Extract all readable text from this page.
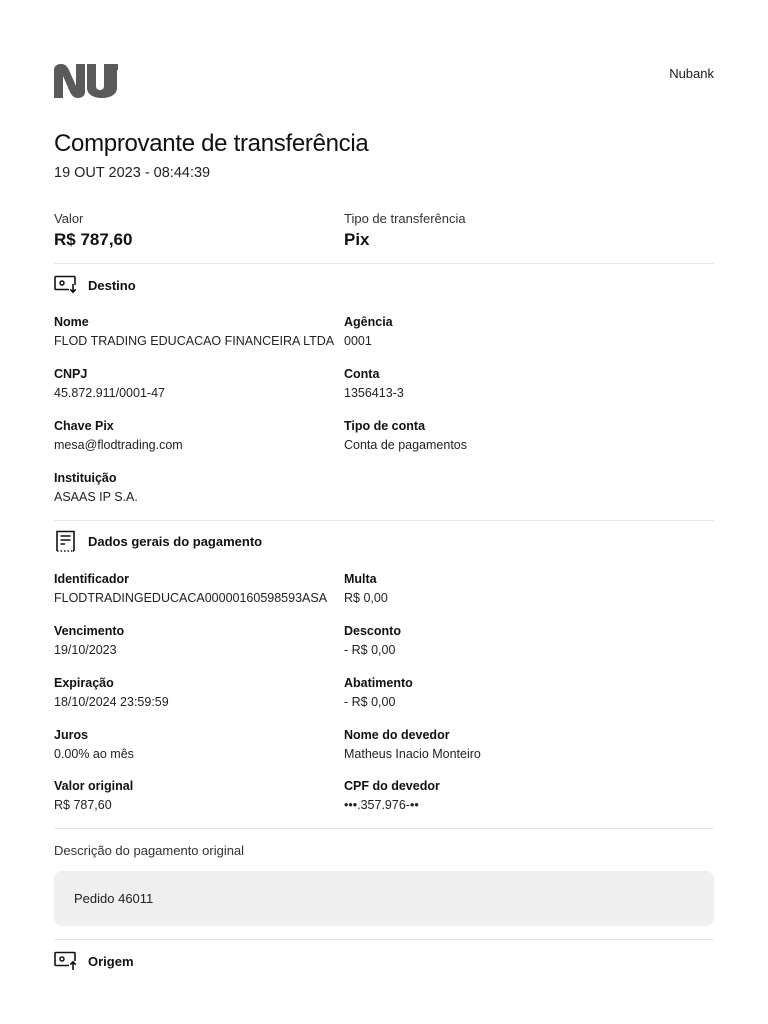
Nubank
Comprovante de transferência
19 OUT 2023 - 08:44:39
Valor
R$ 787,60
Tipo de transferência
Pix
Destino
Nome
FLOD TRADING EDUCACAO FINANCEIRA LTDA
Agência
0001
CNPJ
45.872.911/0001-47
Conta
1356413-3
Chave Pix
mesa@flodtrading.com
Tipo de conta
Conta de pagamentos
Instituição
ASAAS IP S.A.
Dados gerais do pagamento
Identificador
FLODTRADINGEDUCACA00000160598593ASA
Multa
R$ 0,00
Vencimento
19/10/2023
Desconto
- R$ 0,00
Expiração
18/10/2024 23:59:59
Abatimento
- R$ 0,00
Juros
0.00% ao mês
Nome do devedor
Matheus Inacio Monteiro
Valor original
R$ 787,60
CPF do devedor
•••.357.976-••
Descrição do pagamento original
Pedido 46011
Origem
